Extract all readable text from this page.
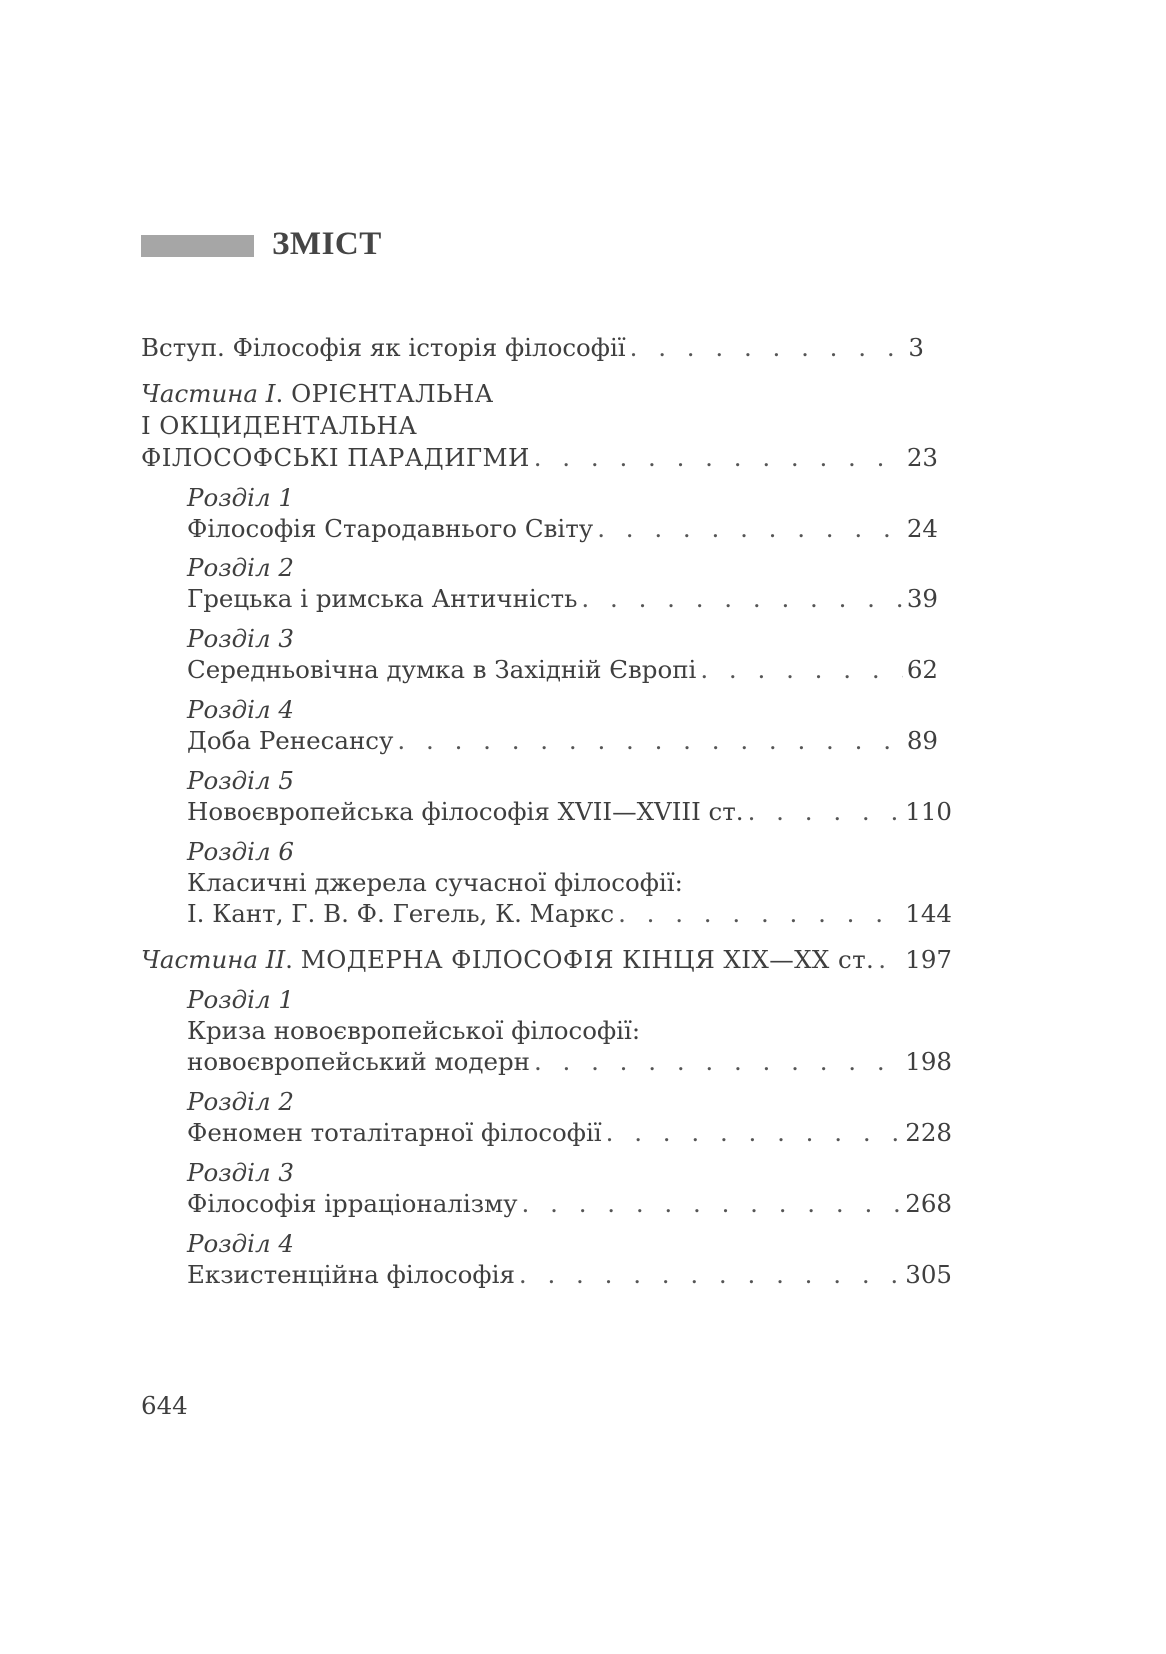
ЗМІСТ
Вступ. Філософія як історія філософії . . .	3
Частина I. ОРІЄНТАЛЬНА
І ОКЦИДЕНТАЛЬНА
ФІЛОСОФСЬКІ ПАРАДИГМИ . . .	23
Розділ 1
Філософія Стародавнього Світу . . .	24
Розділ 2
Грецька і римська Античність . . .	39
Розділ 3
Середньовічна думка в Західній Європі . . .	62
Розділ 4
Доба Ренесансу . . .	89
Розділ 5
Новоєвропейська філософія XVII—XVIII ст. . . .	110
Розділ 6
Класичні джерела сучасної філософії:
І. Кант, Г. В. Ф. Гегель, К. Маркс . . .	144
Частина II. МОДЕРНА ФІЛОСОФІЯ КІНЦЯ XIX—XX ст. . . . 197
Розділ 1
Криза новоєвропейської філософії:
новоєвропейський модерн . . .	198
Розділ 2
Феномен тоталітарної філософії . . .	228
Розділ 3
Філософія ірраціоналізму . . .	268
Розділ 4
Екзистенційна філософія . . .	305
644
